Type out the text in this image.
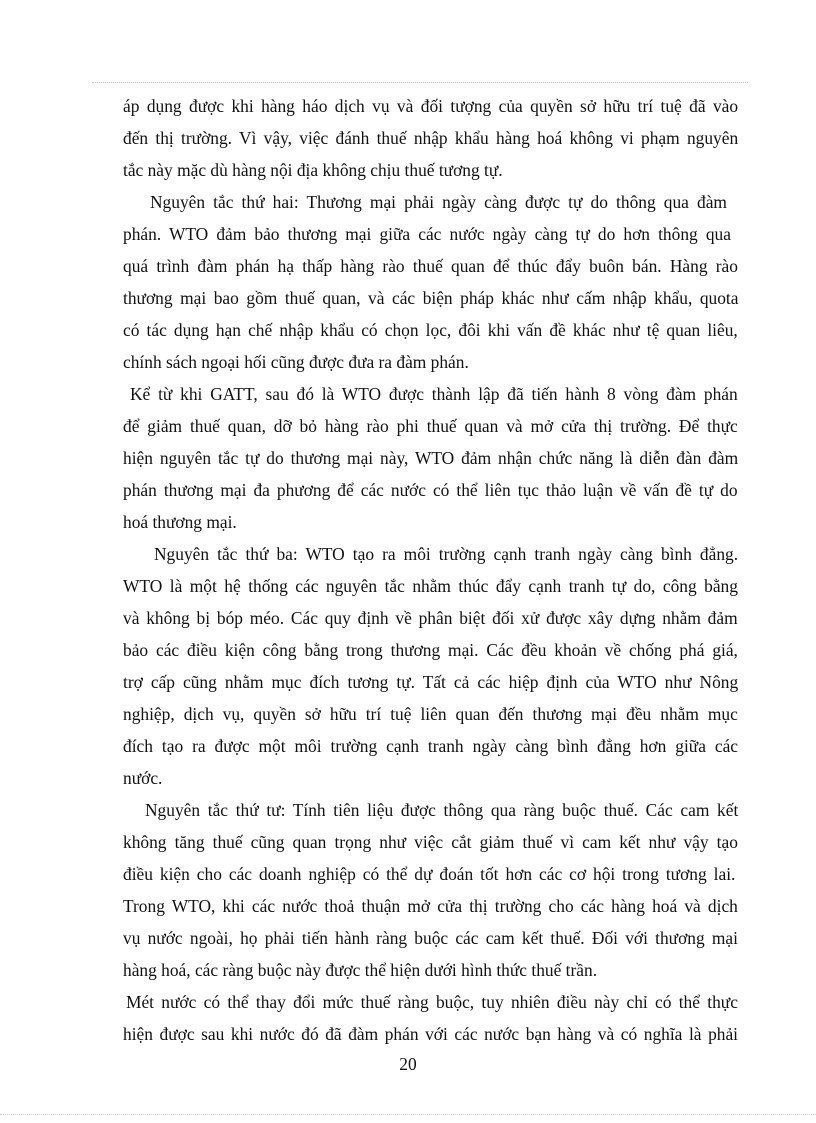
áp dụng được khi hàng háo dịch vụ và đối tượng của quyền sở hữu trí tuệ đã vào
đến thị trường. Vì vậy, việc đánh thuế nhập khẩu hàng hoá không vi phạm nguyên
tắc này mặc dù hàng nội địa không chịu thuế tương tự.
Nguyên tắc thứ hai: Thương mại phải ngày càng được tự do thông qua đàm
phán. WTO đảm bảo thương mại giữa các nước ngày càng tự do hơn thông qua
quá trình đàm phán hạ thấp hàng rào thuế quan để thúc đẩy buôn bán. Hàng rào
thương mại bao gồm thuế quan, và các biện pháp khác như cấm nhập khẩu, quota
có tác dụng hạn chế nhập khẩu có chọn lọc, đôi khi vấn đề khác như tệ quan liêu,
chính sách ngoại hối cũng được đưa ra đàm phán.
Kể từ khi GATT, sau đó là WTO được thành lập đã tiến hành 8 vòng đàm phán
để giảm thuế quan, dỡ bỏ hàng rào phi thuế quan và mở cửa thị trường. Để thực
hiện nguyên tắc tự do thương mại này, WTO đảm nhận chức năng là diễn đàn đàm
phán thương mại đa phương để các nước có thể liên tục thảo luận về vấn đề tự do
hoá thương mại.
Nguyên tắc thứ ba: WTO tạo ra môi trường cạnh tranh ngày càng bình đẳng.
WTO là một hệ thống các nguyên tắc nhằm thúc đẩy cạnh tranh tự do, công bằng
và không bị bóp méo. Các quy định về phân biệt đối xử được xây dựng nhằm đảm
bảo các điều kiện công bằng trong thương mại. Các đều khoản về chống phá giá,
trợ cấp cũng nhằm mục đích tương tự. Tất cả các hiệp định của WTO như Nông
nghiệp, dịch vụ, quyền sở hữu trí tuệ liên quan đến thương mại đều nhằm mục
đích tạo ra được một môi trường cạnh tranh ngày càng bình đẳng hơn giữa các
nước.
Nguyên tắc thứ tư: Tính tiên liệu được thông qua ràng buộc thuế. Các cam kết
không tăng thuế cũng quan trọng như việc cắt giảm thuế vì cam kết như vậy tạo
điều kiện cho các doanh nghiệp có thể dự đoán tốt hơn các cơ hội trong tương lai.
Trong WTO, khi các nước thoả thuận mở cửa thị trường cho các hàng hoá và dịch
vụ nước ngoài, họ phải tiến hành ràng buộc các cam kết thuế. Đối với thương mại
hàng hoá, các ràng buộc này được thể hiện dưới hình thức thuế trần.
Mét nước có thể thay đổi mức thuế ràng buộc, tuy nhiên điều này chỉ có thể thực
hiện được sau khi nước đó đã đàm phán với các nước bạn hàng và có nghĩa là phải
20
